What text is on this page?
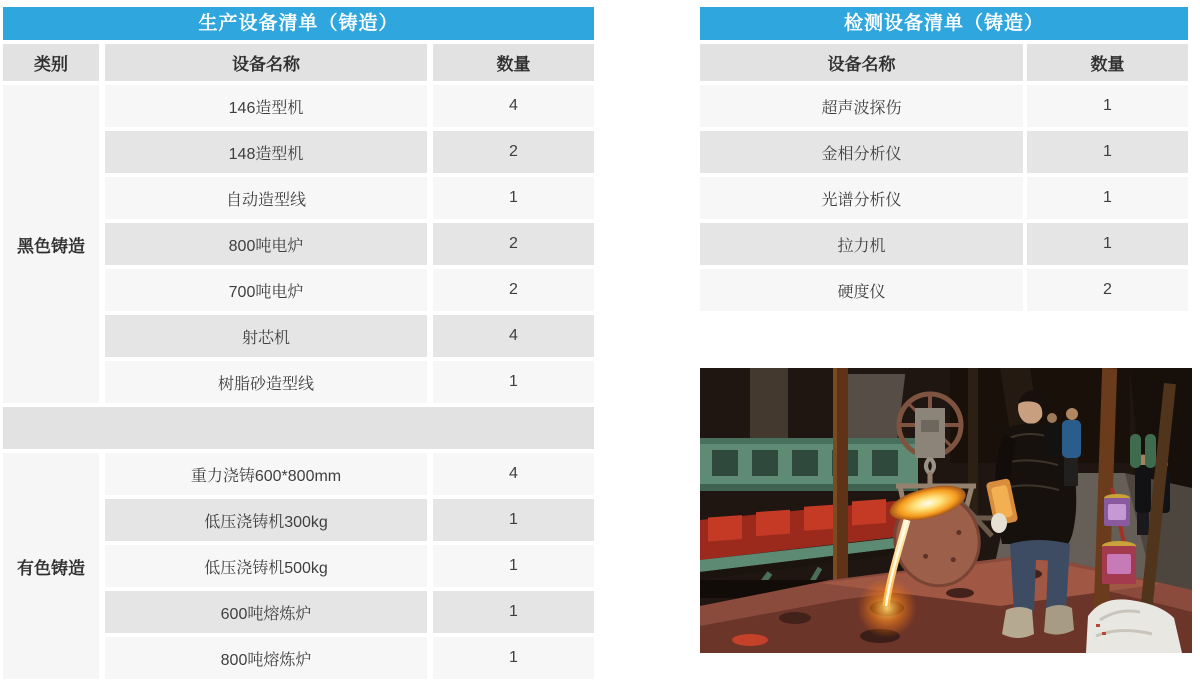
生产设备清单（铸造）
类别	设备名称	数量
黑色铸造
146造型机	4
148造型机	2
自动造型线	1
800吨电炉	2
700吨电炉	2
射芯机	4
树脂砂造型线	1
有色铸造
重力浇铸600*800mm	4
低压浇铸机300kg	1
低压浇铸机500kg	1
600吨熔炼炉	1
800吨熔炼炉	1
检测设备清单（铸造）
设备名称	数量
超声波探伤	1
金相分析仪	1
光谱分析仪	1
拉力机	1
硬度仪	2
